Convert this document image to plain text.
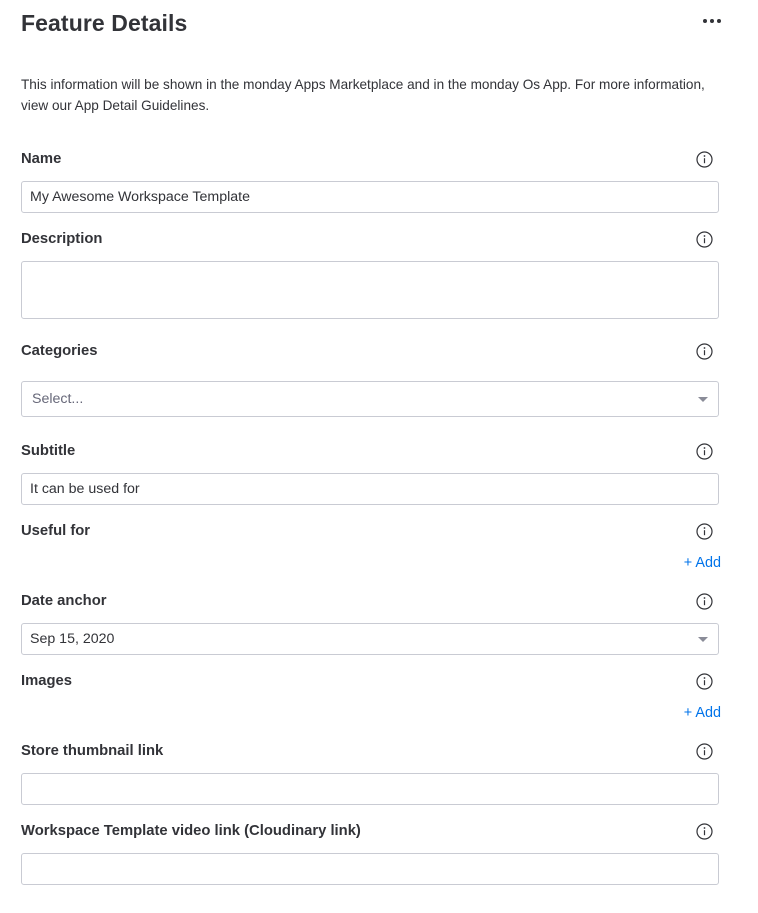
Feature Details
This information will be shown in the monday Apps Marketplace and in the monday Os App. For more information, view our App Detail Guidelines.
Name
My Awesome Workspace Template
Description
Categories
Select...
Subtitle
It can be used for
Useful for
+ Add
Date anchor
Sep 15, 2020
Images
+ Add
Store thumbnail link
Workspace Template video link (Cloudinary link)
